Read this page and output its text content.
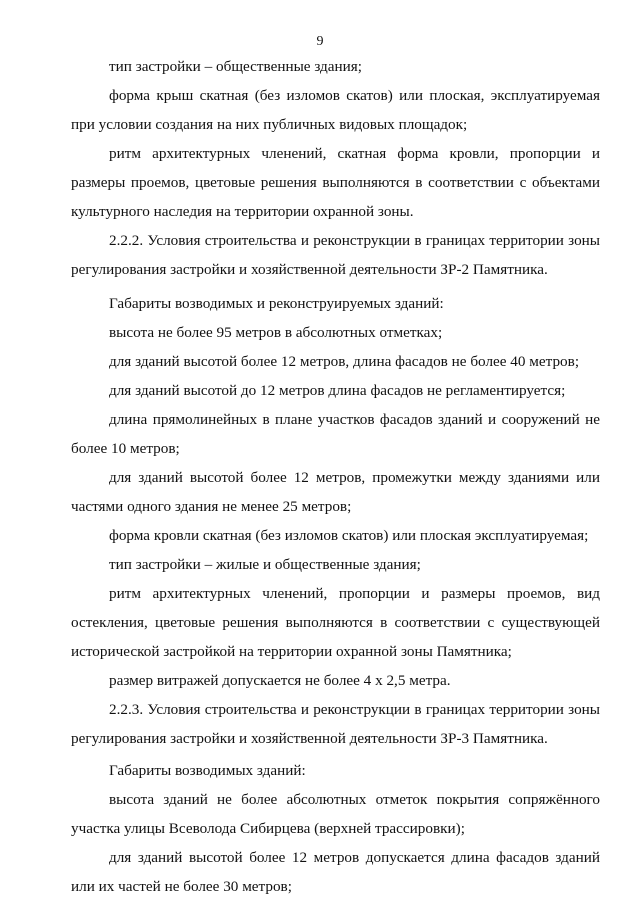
9

тип застройки – общественные здания;

форма крыш скатная (без изломов скатов) или плоская, эксплуатируемая при условии создания на них публичных видовых площадок;

ритм архитектурных членений, скатная форма кровли, пропорции и размеры проемов, цветовые решения выполняются в соответствии с объектами культурного наследия на территории охранной зоны.

2.2.2. Условия строительства и реконструкции в границах территории зоны регулирования застройки и хозяйственной деятельности ЗР-2 Памятника.

Габариты возводимых и реконструируемых зданий:

высота не более 95 метров в абсолютных отметках;

для зданий высотой более 12 метров, длина фасадов не более 40 метров;

для зданий высотой до 12 метров длина фасадов не регламентируется;

длина прямолинейных в плане участков фасадов зданий и сооружений не более 10 метров;

для зданий высотой более 12 метров, промежутки между зданиями или частями одного здания не менее 25 метров;

форма кровли скатная (без изломов скатов) или плоская эксплуатируемая;

тип застройки – жилые и общественные здания;

ритм архитектурных членений, пропорции и размеры проемов, вид остекления, цветовые решения выполняются в соответствии с существующей исторической застройкой на территории охранной зоны Памятника;

размер витражей допускается не более 4 х 2,5 метра.

2.2.3. Условия строительства и реконструкции в границах территории зоны регулирования застройки и хозяйственной деятельности ЗР-3 Памятника.

Габариты возводимых зданий:

высота зданий не более абсолютных отметок покрытия сопряжённого участка улицы Всеволода Сибирцева (верхней трассировки);

для зданий высотой более 12 метров допускается длина фасадов зданий или их частей не более 30 метров;
